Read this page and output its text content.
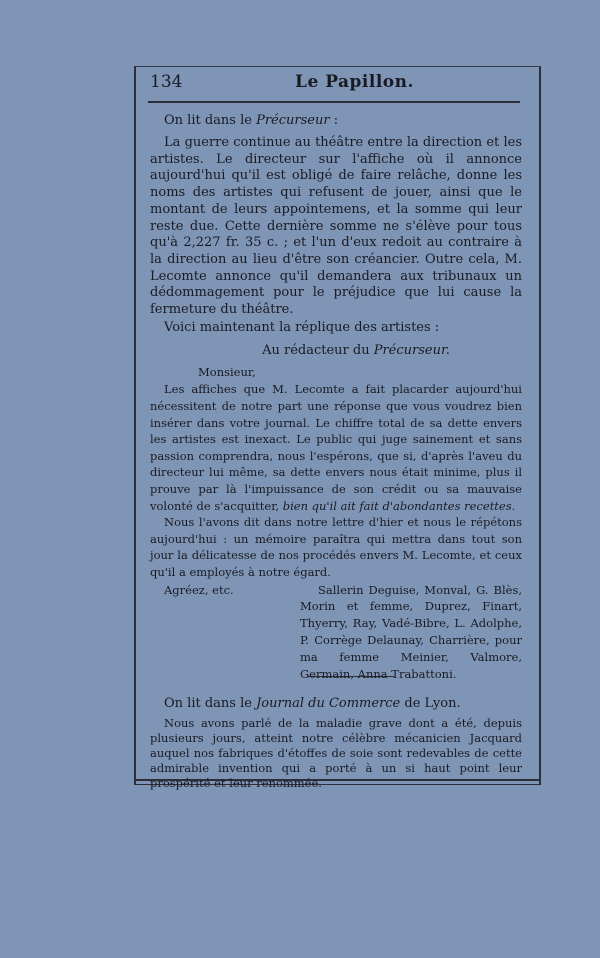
134	Le Papillon.

On lit dans le Précurseur :

La guerre continue au théâtre entre la direction et les artistes. Le directeur sur l'affiche où il annonce aujourd'hui qu'il est obligé de faire relâche, donne les noms des artistes qui refusent de jouer, ainsi que le montant de leurs appointemens, et la somme qui leur reste due. Cette dernière somme ne s'élève pour tous qu'à 2,227 fr. 35 c. ; et l'un d'eux redoit au contraire à la direction au lieu d'être son créancier. Outre cela, M. Lecomte annonce qu'il demandera aux tribunaux un dédommagement pour le préjudice que lui cause la fermeture du théâtre.

Voici maintenant la réplique des artistes :

Au rédacteur du Précurseur.

Monsieur,

Les affiches que M. Lecomte a fait placarder aujourd'hui nécessitent de notre part une réponse que vous voudrez bien insérer dans votre journal. Le chiffre total de sa dette envers les artistes est inexact. Le public qui juge sainement et sans passion comprendra, nous l'espérons, que si, d'après l'aveu du directeur lui même, sa dette envers nous était minime, plus il prouve par là l'impuissance de son crédit ou sa mauvaise volonté de s'acquitter, bien qu'il ait fait d'abondantes recettes.

Nous l'avons dit dans notre lettre d'hier et nous le répétons aujourd'hui : un mémoire paraîtra qui mettra dans tout son jour la délicatesse de nos procédés envers M. Lecomte, et ceux qu'il a employés à notre égard.

Agréez, etc.	Sallerin Deguise, Monval, G. Blès, Morin et femme, Duprez, Finart, Thyerry, Ray, Vadé-Bibre, L. Adolphe, P. Corrège Delaunay, Charrière, pour ma femme Meinier, Valmore, Germain, Anna Trabattoni.

On lit dans le Journal du Commerce de Lyon.

Nous avons parlé de la maladie grave dont a été, depuis plusieurs jours, atteint notre célèbre mécanicien Jacquard auquel nos fabriques d'étoffes de soie sont redevables de cette admirable invention qui a porté à un si haut point leur prospérité et leur renommée.
